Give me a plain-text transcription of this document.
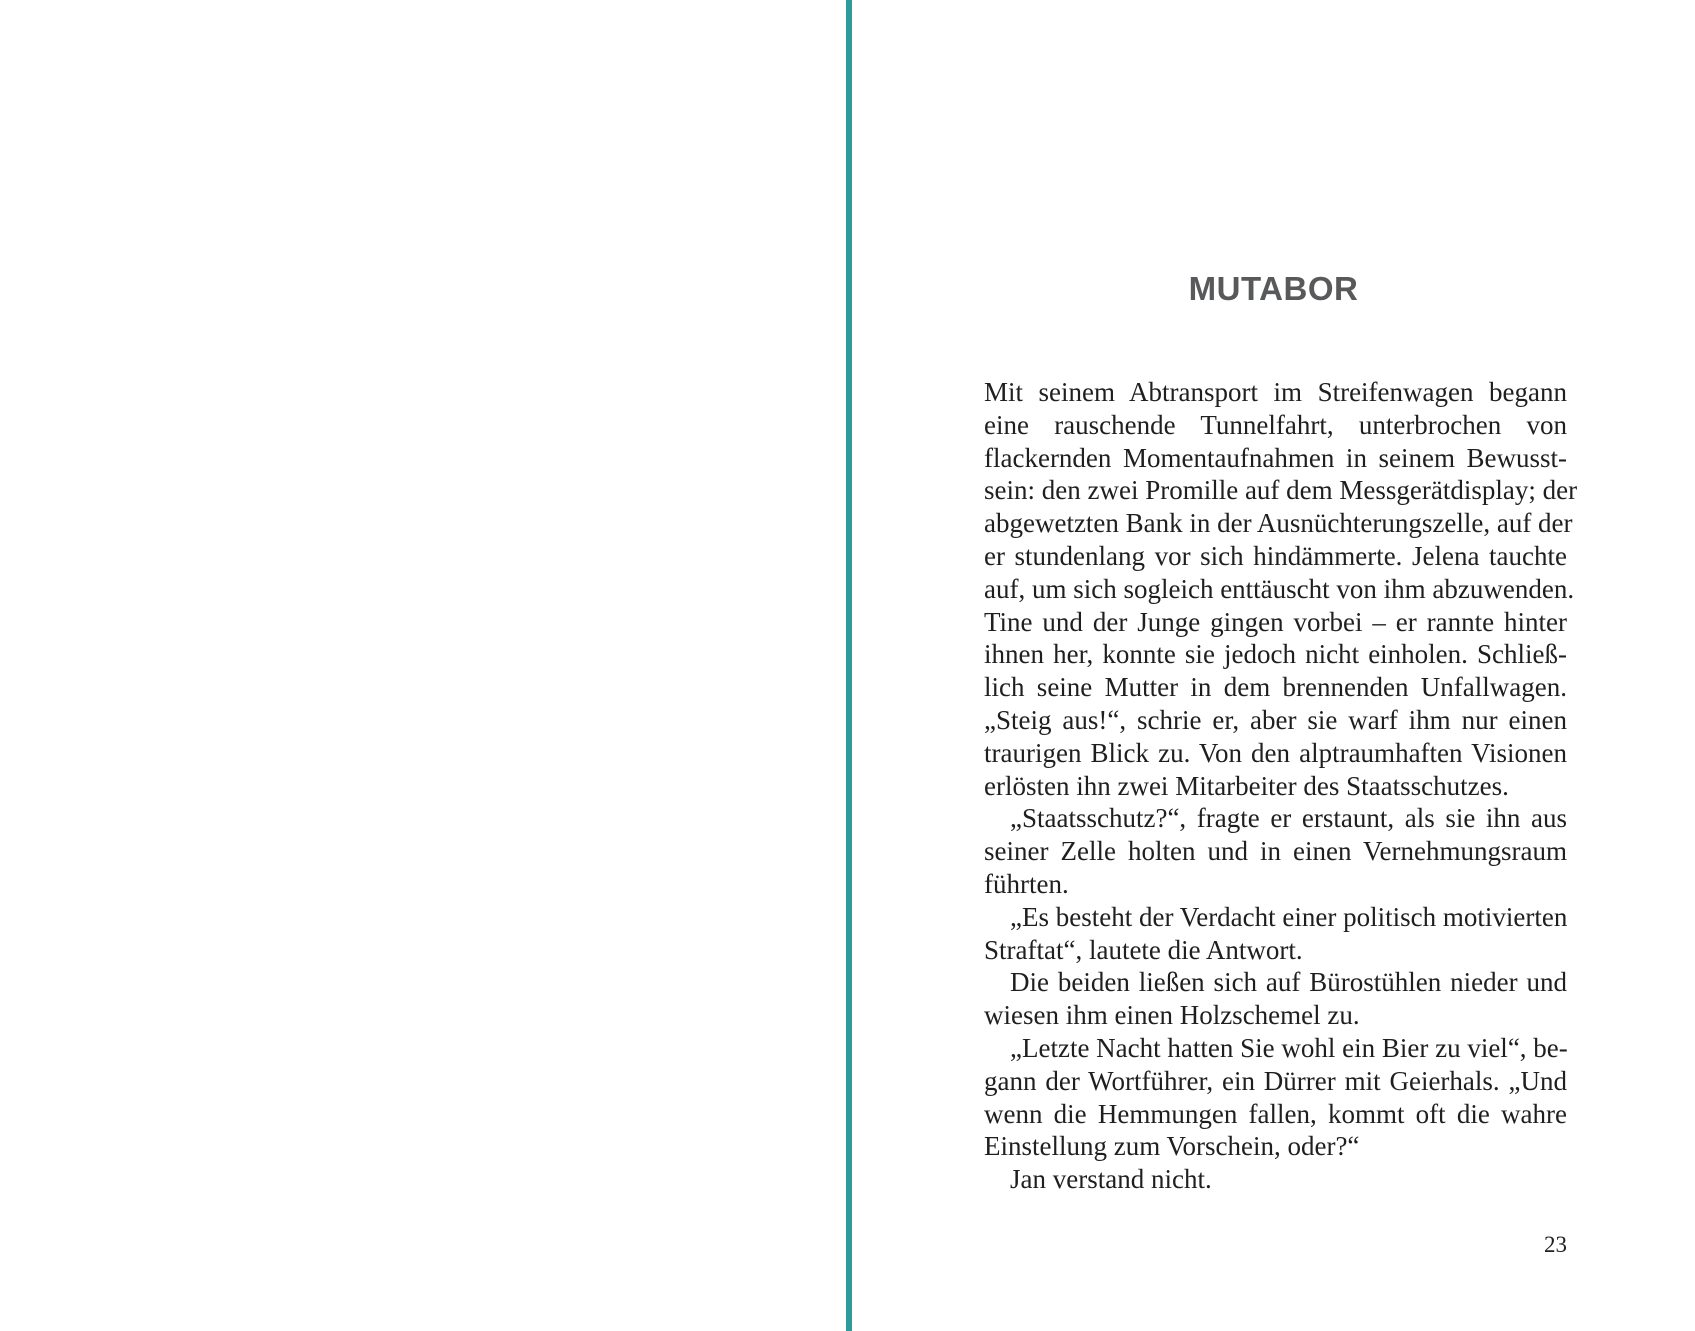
MUTABOR
Mit seinem Abtransport im Streifenwagen begann
eine rauschende Tunnelfahrt, unterbrochen von
flackernden Momentaufnahmen in seinem Bewusst-
sein: den zwei Promille auf dem Messgerätdisplay; der
abgewetzten Bank in der Ausnüchterungszelle, auf der
er stundenlang vor sich hindämmerte. Jelena tauchte
auf, um sich sogleich enttäuscht von ihm abzuwenden.
Tine und der Junge gingen vorbei – er rannte hinter
ihnen her, konnte sie jedoch nicht einholen. Schließ-
lich seine Mutter in dem brennenden Unfallwagen.
„Steig aus!“, schrie er, aber sie warf ihm nur einen
traurigen Blick zu. Von den alptraumhaften Visionen
erlösten ihn zwei Mitarbeiter des Staatsschutzes.
„Staatsschutz?“, fragte er erstaunt, als sie ihn aus
seiner Zelle holten und in einen Vernehmungsraum
führten.
„Es besteht der Verdacht einer politisch motivierten
Straftat“, lautete die Antwort.
Die beiden ließen sich auf Bürostühlen nieder und
wiesen ihm einen Holzschemel zu.
„Letzte Nacht hatten Sie wohl ein Bier zu viel“, be-
gann der Wortführer, ein Dürrer mit Geierhals. „Und
wenn die Hemmungen fallen, kommt oft die wahre
Einstellung zum Vorschein, oder?“
Jan verstand nicht.
23
